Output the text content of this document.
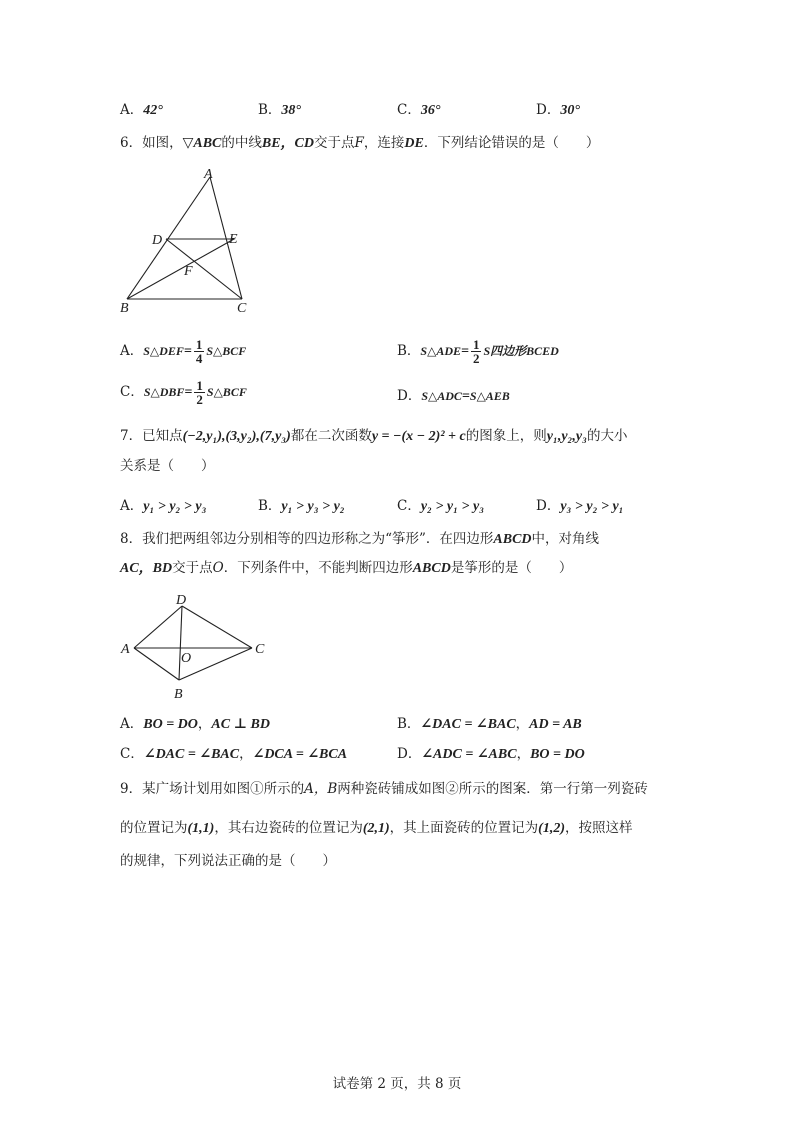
A．42°	B．38°	C．36°	D．30°
6．如图，▽ABC的中线BE，CD交于点F，连接DE．下列结论错误的是（　　）
A
B	C
D	E
F
A．S△DEF= $\frac{1}{4}$ S△BCF	B．S△ADE= $\frac{1}{2}$ S四边形BCED
C．S△DBF= $\frac{1}{2}$ S△BCF	D．S△ADC=S△AEB
7．已知点(−2,y₁),(3,y₂),(7,y₃)都在二次函数y = −(x − 2)² + c的图象上，则y₁,y₂,y₃的大小
关系是（　　）
A．y₁ > y₂ > y₃	B．y₁ > y₃ > y₂	C．y₂ > y₁ > y₃	D．y₃ > y₂ > y₁
8．我们把两组邻边分别相等的四边形称之为“筝形”．在四边形ABCD中，对角线
AC，BD交于点O．下列条件中，不能判断四边形ABCD是筝形的是（　　）
D
A	C
B
O
A．BO = DO，AC ⊥ BD	B．∠DAC = ∠BAC，AD = AB
C．∠DAC = ∠BAC，∠DCA = ∠BCA	D．∠ADC = ∠ABC，BO = DO
9．某广场计划用如图①所示的A，B两种瓷砖铺成如图②所示的图案．第一行第一列瓷砖
的位置记为(1,1)，其右边瓷砖的位置记为(2,1)，其上面瓷砖的位置记为(1,2)，按照这样
的规律，下列说法正确的是（　　）
试卷第 2 页，共 8 页
